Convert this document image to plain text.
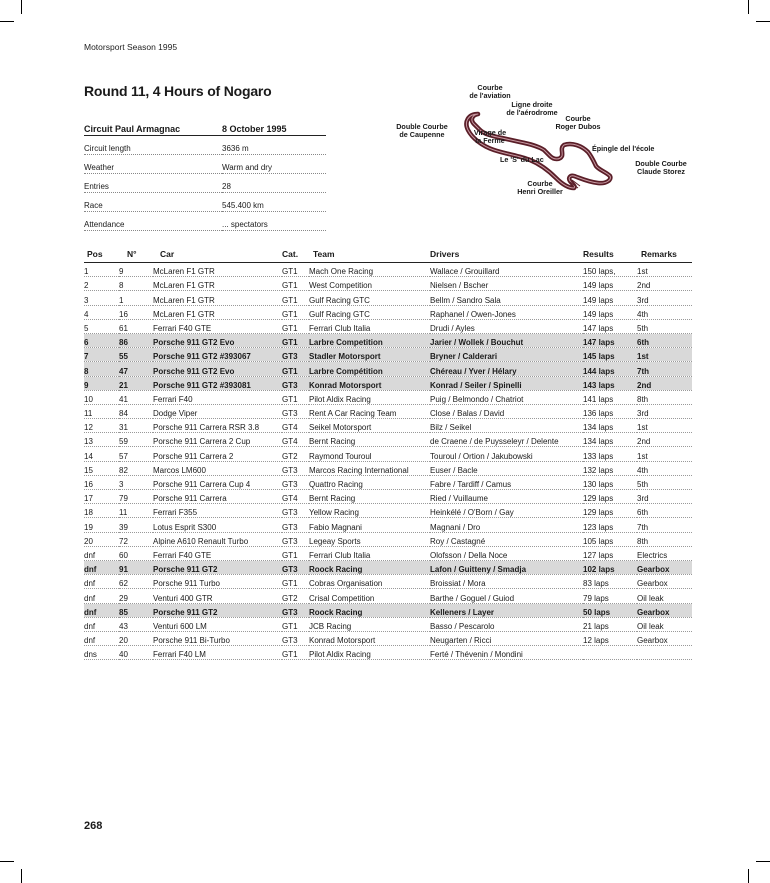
Motorsport Season 1995
Round 11, 4 Hours of Nogaro
Circuit Paul Armagnac	8 October 1995
Circuit length	3636 m
Weather	Warm and dry
Entries	28
Race	545.400 km
Attendance	... spectators
Courbe
de l'aviation
Ligne droite
de l'aérodrome
Courbe
Roger Dubos
Double Courbe
de Caupenne	Virage de
la Ferme
Épingle del l'école
Le 'S' du Lac	Double Courbe
Claude Storez
Courbe
Henri Oreiller
Pos	N°	Car	Cat.	Team	Drivers	Results	Remarks
1	9	McLaren F1 GTR	GT1	Mach One Racing	Wallace / Grouillard	150 laps,	1st
2	8	McLaren F1 GTR	GT1	West Competition	Nielsen / Bscher	149 laps	2nd
3	1	McLaren F1 GTR	GT1	Gulf Racing GTC	Bellm / Sandro Sala	149 laps	3rd
4	16	McLaren F1 GTR	GT1	Gulf Racing GTC	Raphanel / Owen-Jones	149 laps	4th
5	61	Ferrari F40 GTE	GT1	Ferrari Club Italia	Drudi / Ayles	147 laps	5th
6	86	Porsche 911 GT2 Evo	GT1	Larbre Competition	Jarier / Wollek / Bouchut	147 laps	6th
7	55	Porsche 911 GT2 #393067	GT3	Stadler Motorsport	Bryner / Calderari	145 laps	1st
8	47	Porsche 911 GT2 Evo	GT1	Larbre Compétition	Chéreau / Yver / Hélary	144 laps	7th
9	21	Porsche 911 GT2 #393081	GT3	Konrad Motorsport	Konrad / Seiler / Spinelli	143 laps	2nd
10	41	Ferrari F40	GT1	Pilot Aldix Racing	Puig / Belmondo / Chatriot	141 laps	8th
11	84	Dodge Viper	GT3	Rent A Car Racing Team	Close / Balas / David	136 laps	3rd
12	31	Porsche 911 Carrera RSR 3.8	GT4	Seikel Motorsport	Bilz / Seikel	134 laps	1st
13	59	Porsche 911 Carrera 2 Cup	GT4	Bernt Racing	de Craene / de Puysseleyr / Delente	134 laps	2nd
14	57	Porsche 911 Carrera 2	GT2	Raymond Touroul	Touroul / Ortion / Jakubowski	133 laps	1st
15	82	Marcos LM600	GT3	Marcos Racing International	Euser / Bacle	132 laps	4th
16	3	Porsche 911 Carrera Cup 4	GT3	Quattro Racing	Fabre / Tardiff / Camus	130 laps	5th
17	79	Porsche 911 Carrera	GT4	Bernt Racing	Ried / Vuillaume	129 laps	3rd
18	11	Ferrari F355	GT3	Yellow Racing	Heinkélé / O'Born / Gay	129 laps	6th
19	39	Lotus Esprit S300	GT3	Fabio Magnani	Magnani / Dro	123 laps	7th
20	72	Alpine A610 Renault Turbo	GT3	Legeay Sports	Roy / Castagné	105 laps	8th
dnf	60	Ferrari F40 GTE	GT1	Ferrari Club Italia	Olofsson / Della Noce	127 laps	Electrics
dnf	91	Porsche 911 GT2	GT3	Roock Racing	Lafon / Guitteny / Smadja	102 laps	Gearbox
dnf	62	Porsche 911 Turbo	GT1	Cobras Organisation	Broissiat / Mora	83 laps	Gearbox
dnf	29	Venturi 400 GTR	GT2	Crisal Competition	Barthe / Goguel / Guiod	79 laps	Oil leak
dnf	85	Porsche 911 GT2	GT3	Roock Racing	Kelleners / Layer	50 laps	Gearbox
dnf	43	Venturi 600 LM	GT1	JCB Racing	Basso / Pescarolo	21 laps	Oil leak
dnf	20	Porsche 911 Bi-Turbo	GT3	Konrad Motorsport	Neugarten / Ricci	12 laps	Gearbox
dns	40	Ferrari F40 LM	GT1	Pilot Aldix Racing	Ferté / Thévenin / Mondini		
268
